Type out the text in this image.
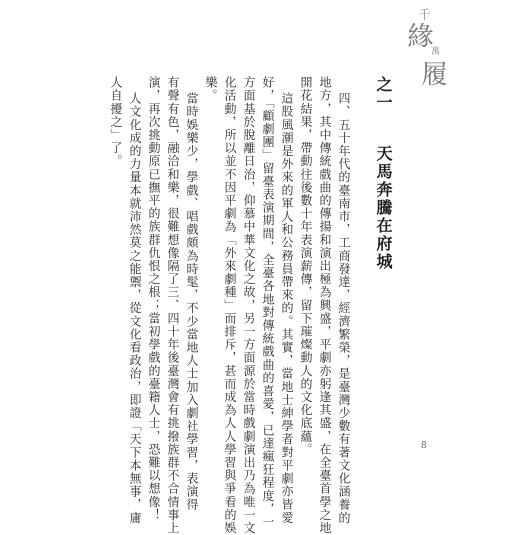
千
緣
萬
履
之一 天馬奔騰在府城
四、五十年代的臺南市，工商發達，經濟繁榮，是臺灣少數有著文化涵養的
地方，其中傳統戲曲的傳揚和演出極為興盛，平劇亦躬逢其盛，在全臺首學之地
開花結果，帶動往後數十年表演薪傳，留下璀燦動人的文化底蘊。
這股風潮是外來的軍人和公務員帶來的。其實，當地士紳學者對平劇亦皆愛
好，「顧劇團」留臺表演期間，全臺各地對傳統戲曲的喜愛，已達瘋狂程度，一
方面基於脫離日治，仰慕中華文化之故，另一方面源於當時戲劇演出乃為唯一文
化活動，所以並不因平劇為「外來劇種」而排斥，甚而成為人人學習與爭看的娛
樂。
當時娛樂少，學戲、唱戲頗為時髦，不少當地人士加入劇社學習，表演得
有聲有色，融洽和樂，很難想像隔了三、四十年後臺灣會有挑撥族群不合情事上
演，再次挑動原已撫平的族群仇恨之根；當初學戲的臺籍人士，恐難以想像！
人文化成的力量本就沛然莫之能禦，從文化看政治，即證「天下本無事，庸
人自擾之」了。
8
